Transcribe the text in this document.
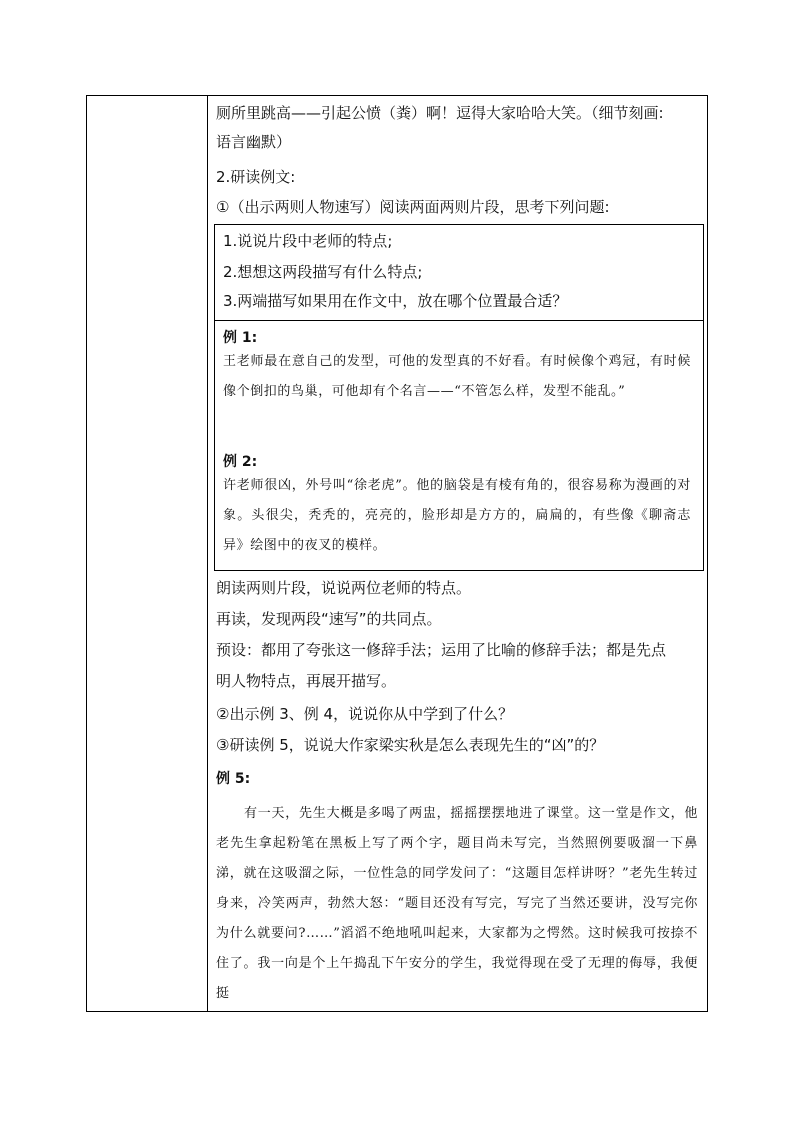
厕所里跳高——引起公愤（粪）啊！逗得大家哈哈大笑。（细节刻画:
语言幽默）
2.研读例文:
①（出示两则人物速写）阅读两面两则片段，思考下列问题:
1.说说片段中老师的特点;
2.想想这两段描写有什么特点;
3.两端描写如果用在作文中，放在哪个位置最合适？
例 1:
王老师最在意自己的发型，可他的发型真的不好看。有时候像个鸡冠，有时候像个倒扣的鸟巢，可他却有个名言——“不管怎么样，发型不能乱。”
例 2:
许老师很凶，外号叫“徐老虎”。他的脑袋是有棱有角的，很容易称为漫画的对象。头很尖，秃秃的，亮亮的，脸形却是方方的，扁扁的，有些像《聊斋志异》绘图中的夜叉的模样。
朗读两则片段，说说两位老师的特点。
再读，发现两段“速写”的共同点。
预设：都用了夸张这一修辞手法；运用了比喻的修辞手法；都是先点
明人物特点，再展开描写。
②出示例 3、例 4，说说你从中学到了什么？
③研读例 5，说说大作家梁实秋是怎么表现先生的“凶”的？
例 5:
有一天，先生大概是多喝了两盅，摇摇摆摆地进了课堂。这一堂是作文，他老先生拿起粉笔在黑板上写了两个字，题目尚未写完，当然照例要吸溜一下鼻涕，就在这吸溜之际，一位性急的同学发问了：“这题目怎样讲呀？”老先生转过身来，冷笑两声，勃然大怒：“题目还没有写完，写完了当然还要讲，没写完你为什么就要问?……”滔滔不绝地吼叫起来，大家都为之愕然。这时候我可按捺不住了。我一向是个上午捣乱下午安分的学生，我觉得现在受了无理的侮辱，我便挺
